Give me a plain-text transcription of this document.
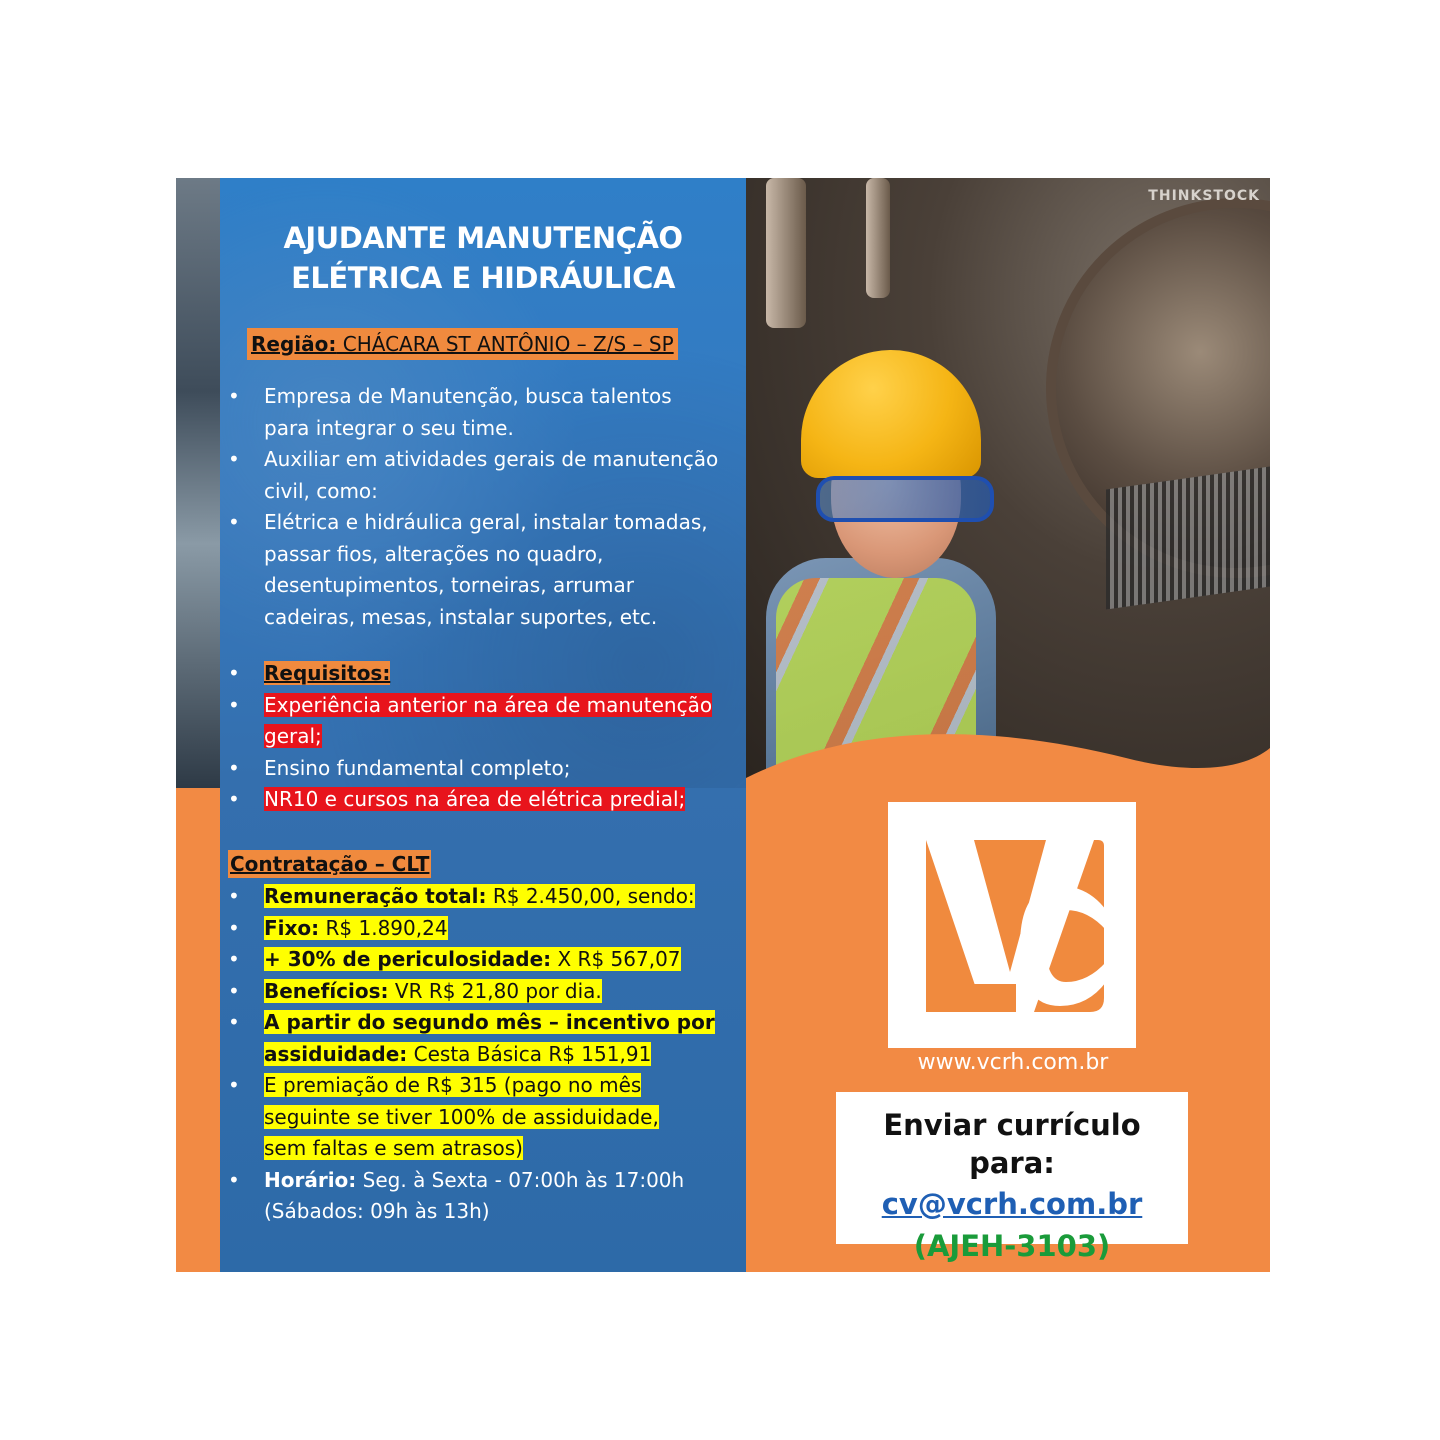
THINKSTOCK
AJUDANTE MANUTENÇÃO
ELÉTRICA E HIDRÁULICA
Região: CHÁCARA ST ANTÔNIO – Z/S – SP
• Empresa de Manutenção, busca talentos
para integrar o seu time.
• Auxiliar em atividades gerais de manutenção
civil, como:
• Elétrica e hidráulica geral, instalar tomadas,
passar fios, alterações no quadro,
desentupimentos, torneiras, arrumar
cadeiras, mesas, instalar suportes, etc.
• Requisitos:
• Experiência anterior na área de manutenção
geral;
• Ensino fundamental completo;
• NR10 e cursos na área de elétrica predial;
Contratação – CLT
• Remuneração total: R$ 2.450,00, sendo:
• Fixo: R$ 1.890,24
• + 30% de periculosidade: X R$ 567,07
• Benefícios: VR R$ 21,80 por dia.
• A partir do segundo mês – incentivo por
assiduidade: Cesta Básica R$ 151,91
• E premiação de R$ 315 (pago no mês
seguinte se tiver 100% de assiduidade,
sem faltas e sem atrasos)
• Horário: Seg. à Sexta - 07:00h às 17:00h
(Sábados: 09h às 13h)
www.vcrh.com.br
Enviar currículo para:
cv@vcrh.com.br
(AJEH-3103)
